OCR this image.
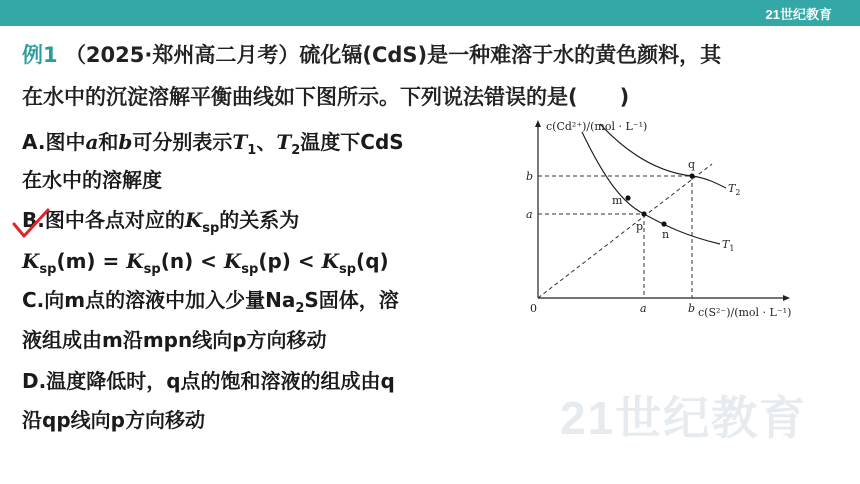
21世纪教育
例1 （2025·郑州高二月考）硫化镉(CdS)是一种难溶于水的黄色颜料，其
在水中的沉淀溶解平衡曲线如下图所示。下列说法错误的是(　　)
A.图中a和b可分别表示$T_1$、$T_2$温度下CdS
在水中的溶解度
B.图中各点对应的$K_{sp}$的关系为
$K_{sp}(m) = K_{sp}(n) < K_{sp}(p) < K_{sp}(q)$
C.向m点的溶液中加入少量$Na_2S$固体，溶
液组成由m沿mpn线向p方向移动
D.温度降低时，q点的饱和溶液的组成由q
沿qp线向p方向移动
c(Cd²⁺)/(mol · L⁻¹)
c(S²⁻)/(mol · L⁻¹)
0
b
a
a	b
m
p
n
q
$T_1$
$T_2$
21世纪教育
